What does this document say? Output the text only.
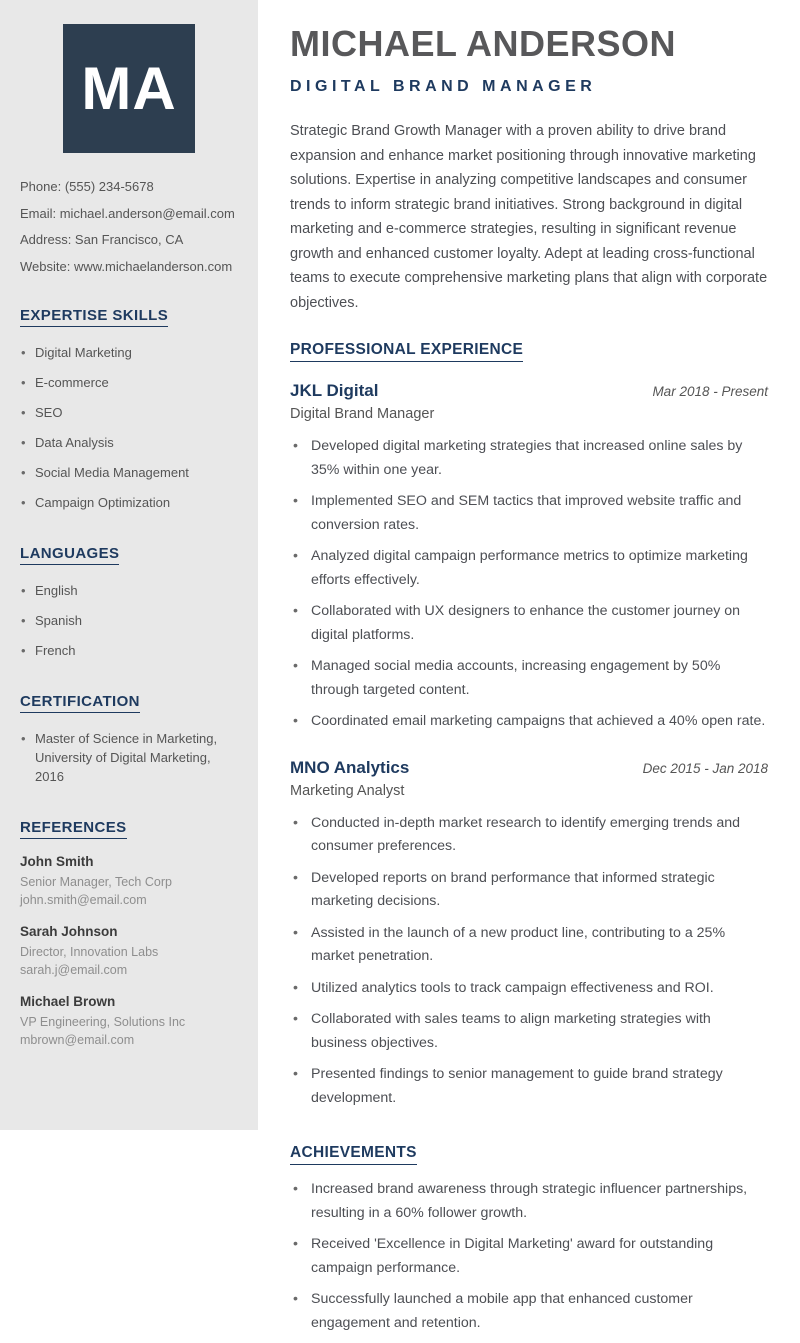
MA

Phone: (555) 234-5678

Email: michael.anderson@email.com

Address: San Francisco, CA

Website: www.michaelanderson.com

EXPERTISE SKILLS
• Digital Marketing
• E-commerce
• SEO
• Data Analysis
• Social Media Management
• Campaign Optimization
LANGUAGES
• English
• Spanish
• French
CERTIFICATION
• Master of Science in Marketing, University of Digital Marketing, 2016
REFERENCES
John Smith

Senior Manager, Tech Corp

john.smith@email.com

Sarah Johnson

Director, Innovation Labs

sarah.j@email.com

Michael Brown

VP Engineering, Solutions Inc

mbrown@email.com

MICHAEL ANDERSON
DIGITAL BRAND MANAGER

Strategic Brand Growth Manager with a proven ability to drive brand expansion and enhance market positioning through innovative marketing solutions. Expertise in analyzing competitive landscapes and consumer trends to inform strategic brand initiatives. Strong background in digital marketing and e-commerce strategies, resulting in significant revenue growth and enhanced customer loyalty. Adept at leading cross-functional teams to execute comprehensive marketing plans that align with corporate objectives.

PROFESSIONAL EXPERIENCE
JKL Digital	Mar 2018 - Present
Digital Brand Manager
• Developed digital marketing strategies that increased online sales by 35% within one year.
• Implemented SEO and SEM tactics that improved website traffic and conversion rates.
• Analyzed digital campaign performance metrics to optimize marketing efforts effectively.
• Collaborated with UX designers to enhance the customer journey on digital platforms.
• Managed social media accounts, increasing engagement by 50% through targeted content.
• Coordinated email marketing campaigns that achieved a 40% open rate.
MNO Analytics	Dec 2015 - Jan 2018
Marketing Analyst
• Conducted in-depth market research to identify emerging trends and consumer preferences.
• Developed reports on brand performance that informed strategic marketing decisions.
• Assisted in the launch of a new product line, contributing to a 25% market penetration.
• Utilized analytics tools to track campaign effectiveness and ROI.
• Collaborated with sales teams to align marketing strategies with business objectives.
• Presented findings to senior management to guide brand strategy development.
ACHIEVEMENTS
• Increased brand awareness through strategic influencer partnerships, resulting in a 60% follower growth.
• Received 'Excellence in Digital Marketing' award for outstanding campaign performance.
• Successfully launched a mobile app that enhanced customer engagement and retention.
